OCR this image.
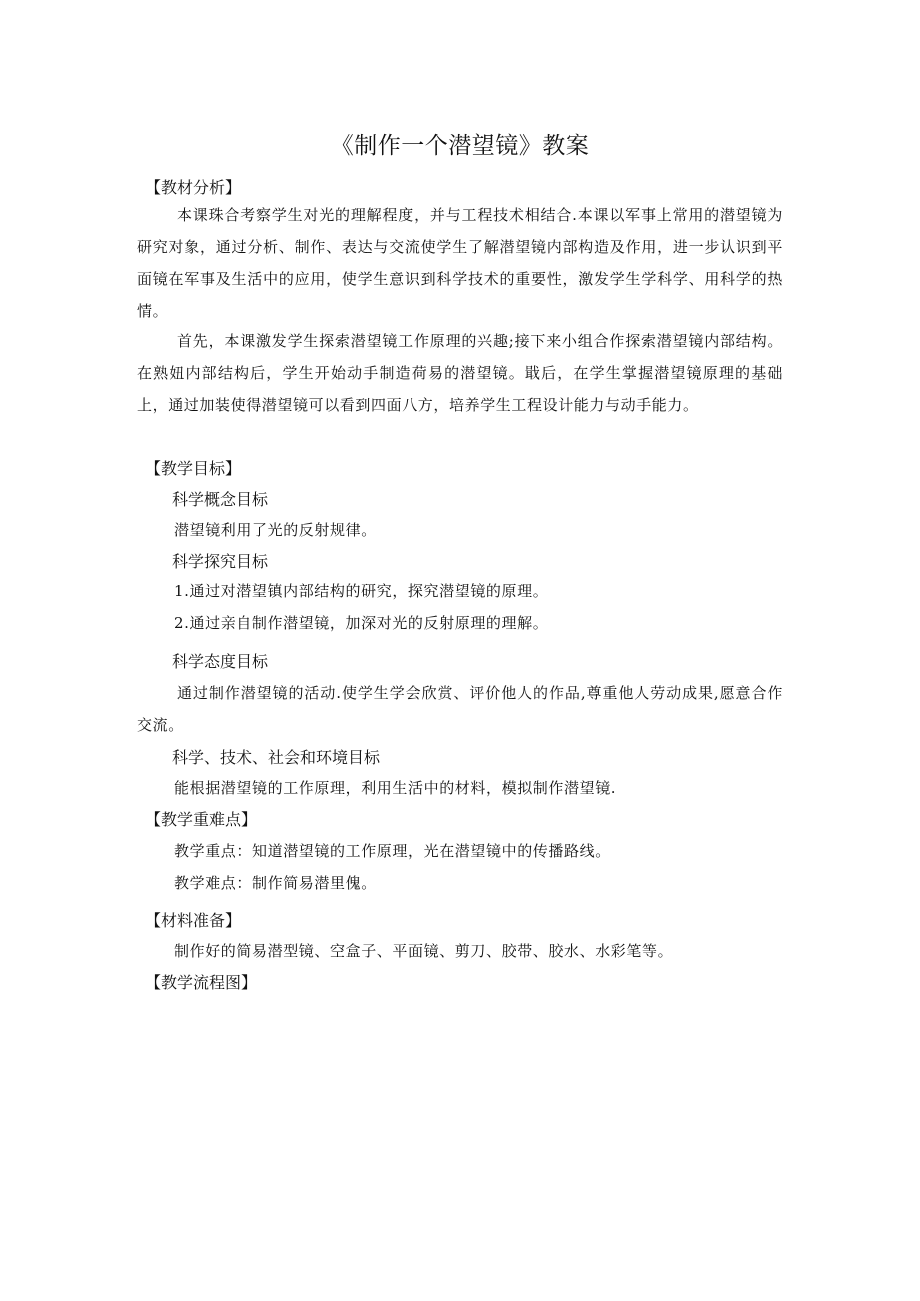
《制作一个潜望镜》教案
【教材分析】
本课珠合考察学生对光的理解程度，并与工程技术相结合.本课以军事上常用的潜望镜为研究对象，通过分析、制作、表达与交流使学生了解潜望镜内部构造及作用，进一步认识到平面镜在军事及生活中的应用，使学生意识到科学技术的重要性，激发学生学科学、用科学的热情。
首先，本课激发学生探索潜望镜工作原理的兴趣;接下来小组合作探索潜望镜内部结构。在熟妞内部结构后，学生开始动手制造荷易的潜望镜。戢后，在学生掌握潜望镜原理的基础上，通过加装使得潜望镜可以看到四面八方，培养学生工程设计能力与动手能力。
【教学目标】
科学概念目标
潜望镜利用了光的反射规律。
科学探究目标
1.通过对潜望镇内部结构的研究，探究潜望镜的原理。
2.通过亲自制作潜望镜，加深对光的反射原理的理解。
科学态度目标
通过制作潜望镜的活动.使学生学会欣赏、评价他人的作品,尊重他人劳动成果,愿意合作交流。
科学、技术、社会和环境目标
能根据潜望镜的工作原理，利用生活中的材料，模拟制作潜望镜.
【教学重难点】
教学重点：知道潜望镜的工作原理，光在潜望镜中的传播路线。
教学难点：制作简易潜里傀。
【材料准备】
制作好的简易潜型镜、空盒子、平面镜、剪刀、胶带、胶水、水彩笔等。
【教学流程图】
